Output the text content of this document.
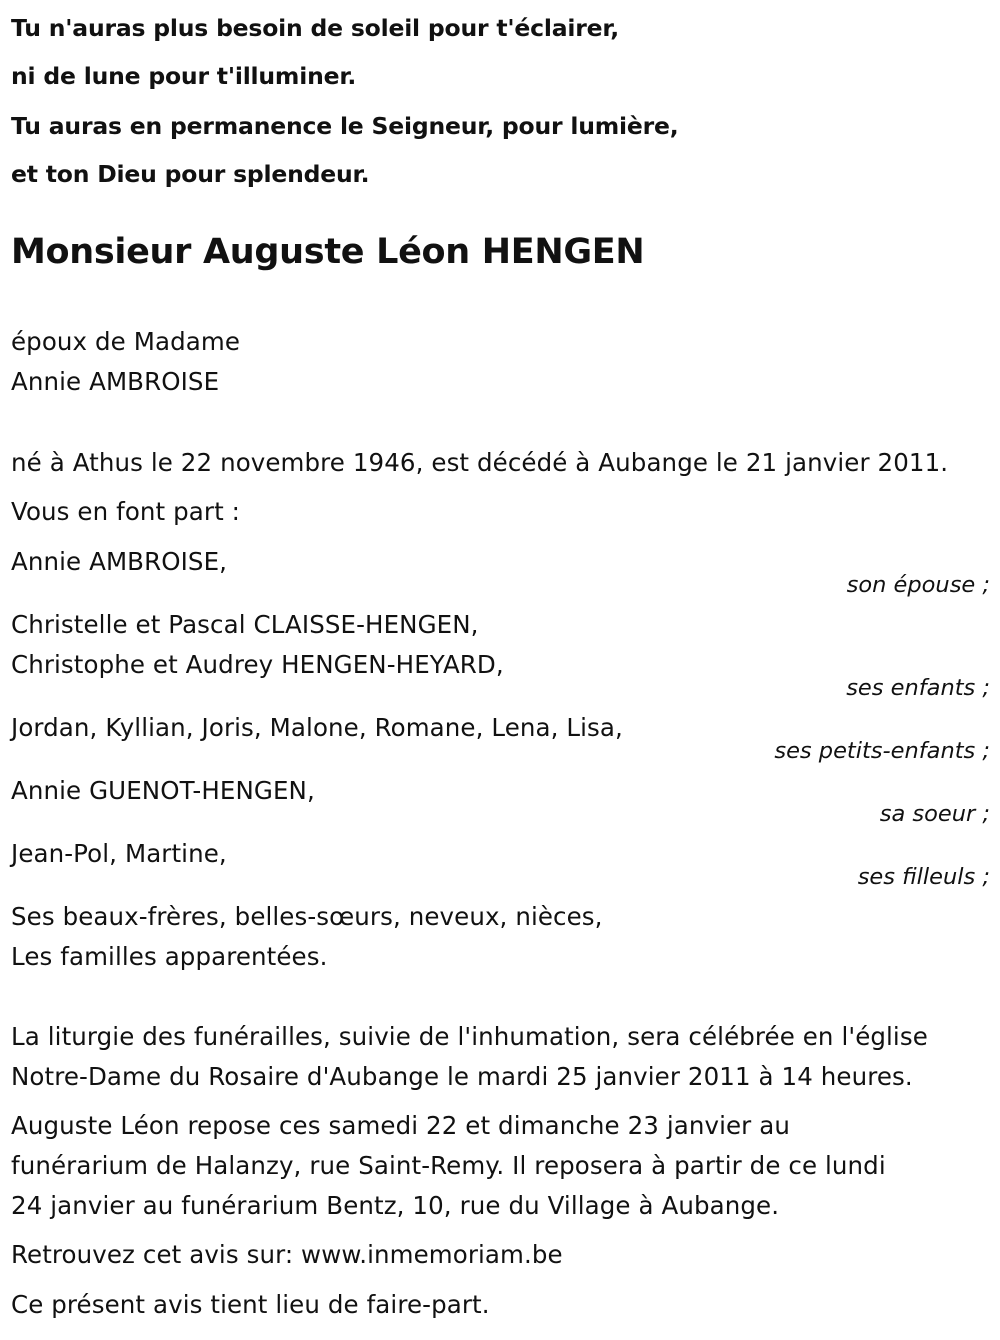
Tu n'auras plus besoin de soleil pour t'éclairer,
ni de lune pour t'illuminer.
Tu auras en permanence le Seigneur, pour lumière,
et ton Dieu pour splendeur.
Monsieur Auguste Léon HENGEN
époux de Madame
Annie AMBROISE
né à Athus le 22 novembre 1946, est décédé à Aubange le 21 janvier 2011.
Vous en font part :
Annie AMBROISE,
son épouse ;
Christelle et Pascal CLAISSE-HENGEN,
Christophe et Audrey HENGEN-HEYARD,
ses enfants ;
Jordan, Kyllian, Joris, Malone, Romane, Lena, Lisa,
ses petits-enfants ;
Annie GUENOT-HENGEN,
sa soeur ;
Jean-Pol, Martine,
ses filleuls ;
Ses beaux-frères, belles-sœurs, neveux, nièces,
Les familles apparentées.
La liturgie des funérailles, suivie de l'inhumation, sera célébrée en l'église
Notre-Dame du Rosaire d'Aubange le mardi 25 janvier 2011 à 14 heures.
Auguste Léon repose ces samedi 22 et dimanche 23 janvier au
funérarium de Halanzy, rue Saint-Remy. Il reposera à partir de ce lundi
24 janvier au funérarium Bentz, 10, rue du Village à Aubange.
Retrouvez cet avis sur: www.inmemoriam.be
Ce présent avis tient lieu de faire-part.
